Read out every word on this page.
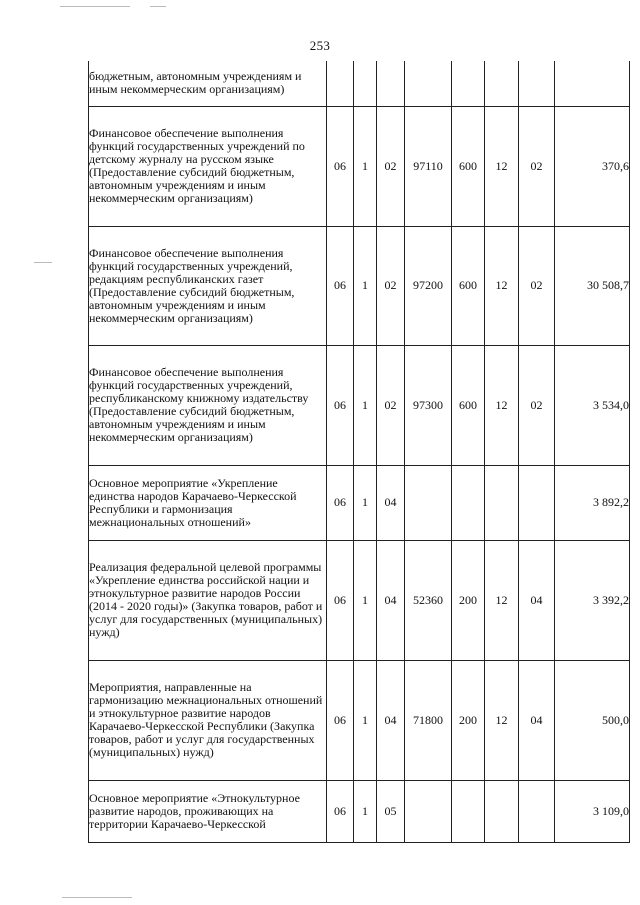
253
бюджетным, автономным учреждениям и иным некоммерческим организациям)								

Финансовое обеспечение выполнения функций государственных учреждений по детскому журналу на русском языке (Предоставление субсидий бюджетным, автономным учреждениям и иным некоммерческим организациям)	06	1	02	97110	600	12	02	370,6

Финансовое обеспечение выполнения функций государственных учреждений, редакциям республиканских газет (Предоставление субсидий бюджетным, автономным учреждениям и иным некоммерческим организациям)	06	1	02	97200	600	12	02	30 508,7

Финансовое обеспечение выполнения функций государственных учреждений, республиканскому книжному издательству (Предоставление субсидий бюджетным, автономным учреждениям и иным некоммерческим организациям)	06	1	02	97300	600	12	02	3 534,0

Основное мероприятие «Укрепление единства народов Карачаево-Черкесской Республики и гармонизация межнациональных отношений»	06	1	04					3 892,2

Реализация федеральной целевой программы «Укрепление единства российской нации и этнокультурное развитие народов России (2014 - 2020 годы)» (Закупка товаров, работ и услуг для государственных (муниципальных) нужд)	06	1	04	52360	200	12	04	3 392,2

Мероприятия, направленные на гармонизацию межнациональных отношений и этнокультурное развитие народов Карачаево-Черкесской Республики (Закупка товаров, работ и услуг для государственных (муниципальных) нужд)	06	1	04	71800	200	12	04	500,0

Основное мероприятие «Этнокультурное развитие народов, проживающих на территории Карачаево-Черкесской	06	1	05					3 109,0
